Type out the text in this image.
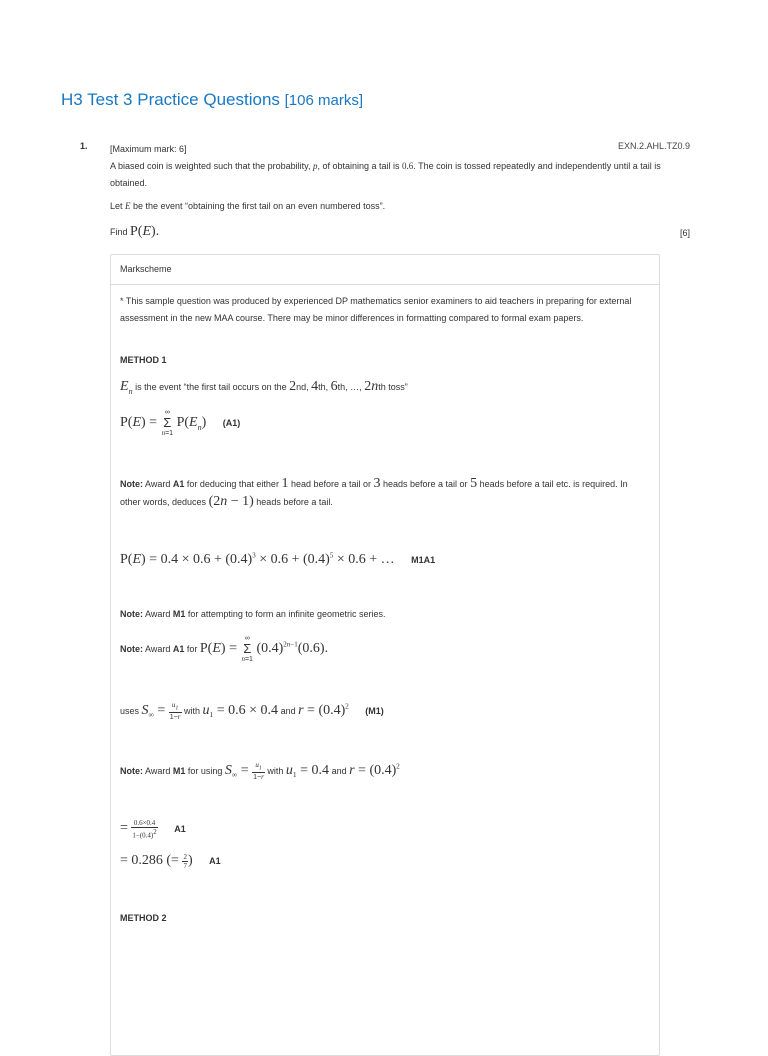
H3 Test 3 Practice Questions [106 marks]
1. [Maximum mark: 6]

A biased coin is weighted such that the probability, p, of obtaining a tail is 0.6. The coin is tossed repeatedly and independently until a tail is obtained.

Let E be the event “obtaining the first tail on an even numbered toss”.

EXN.2.AHL.TZ0.9
Find P(E).	[6]
Markscheme
* This sample question was produced by experienced DP mathematics senior examiners to aid teachers in preparing for external assessment in the new MAA course. There may be minor differences in formatting compared to formal exam papers.
METHOD 1
$E_n$ is the event “the first tail occurs on the 2nd, 4th, 6th, …, 2nth toss”
P(E) =
∞
Σ
n=1
$P(E_n)$ (A1)
Note: Award A1 for deducing that either 1 head before a tail or 3 heads before a tail or 5 heads before a tail etc. is required. In other words, deduces (2n − 1) heads before a tail.
$P(E) = 0.4 \times 0.6 + (0.4)^3 \times 0.6 + (0.4)^5 \times 0.6$ + … M1A1
Note: Award M1 for attempting to form an infinite geometric series.
Note: Award A1 for P(E) =
∞
Σ
n=1
$(0.4)^{2n-1}(0.6)$.
uses $S_\infty = \frac{u_1}{1-r}$ with $u_1 = 0.6 \times 0.4$ and $r = (0.4)^2$ (M1)
Note: Award M1 for using $S_\infty = \frac{u_1}{1-r}$ with $u_1 = 0.4$ and $r = (0.4)^2$
= $\frac{0.6\times 0.4}{1-(0.4)^2} A1$
= 0.286 (= $\frac{2}{7}$ ) A1
METHOD 2
